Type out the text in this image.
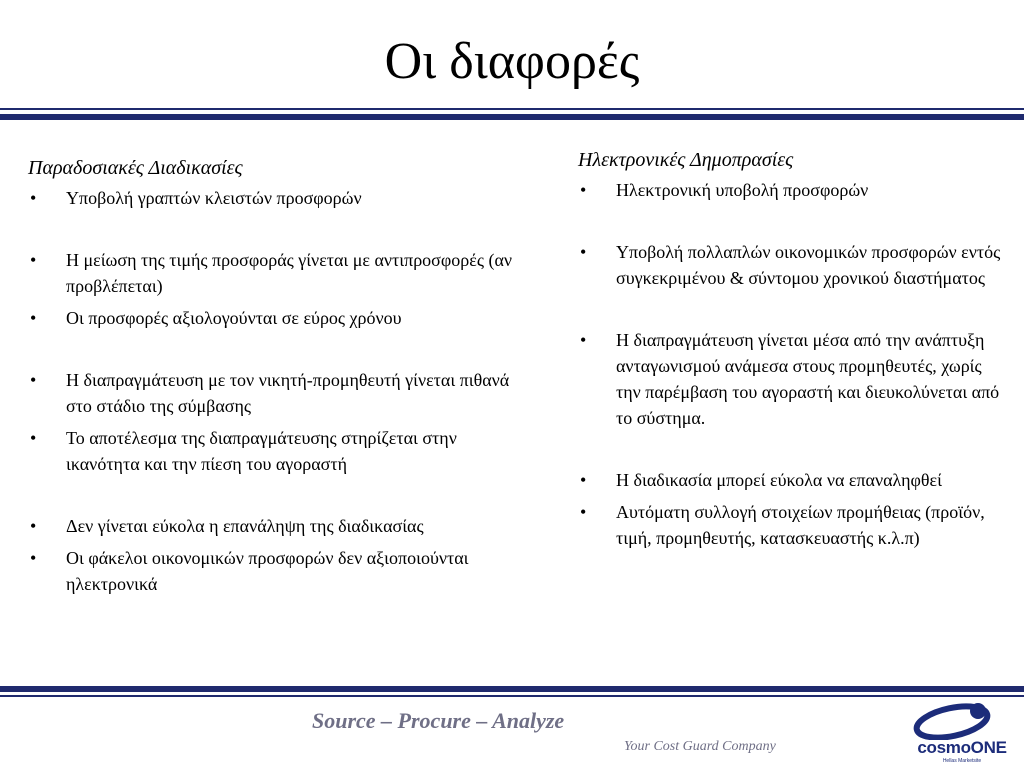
Οι διαφορές
Παραδοσιακές Διαδικασίες
• Υποβολή γραπτών κλειστών προσφορών
• Η μείωση της τιμής προσφοράς γίνεται με αντιπροσφορές (αν προβλέπεται)
• Οι προσφορές αξιολογούνται σε εύρος χρόνου
• Η διαπραγμάτευση με τον νικητή-προμηθευτή γίνεται πιθανά στο στάδιο της σύμβασης
• Το αποτέλεσμα της διαπραγμάτευσης στηρίζεται στην ικανότητα και την πίεση του αγοραστή
• Δεν γίνεται εύκολα η επανάληψη της διαδικασίας
• Οι φάκελοι οικονομικών προσφορών δεν αξιοποιούνται ηλεκτρονικά
Ηλεκτρονικές Δημοπρασίες
• Ηλεκτρονική υποβολή προσφορών
• Υποβολή πολλαπλών οικονομικών προσφορών εντός συγκεκριμένου & σύντομου χρονικού διαστήματος
• Η διαπραγμάτευση γίνεται μέσα από την ανάπτυξη ανταγωνισμού ανάμεσα στους προμηθευτές, χωρίς την παρέμβαση του αγοραστή και διευκολύνεται από το σύστημα.
• Η διαδικασία μπορεί εύκολα να επαναληφθεί
• Αυτόματη συλλογή στοιχείων προμήθειας (προϊόν, τιμή, προμηθευτής, κατασκευαστής κ.λ.π)
Source – Procure – Analyze
Your Cost Guard Company	cosmoONE
Hellas Marketsite
